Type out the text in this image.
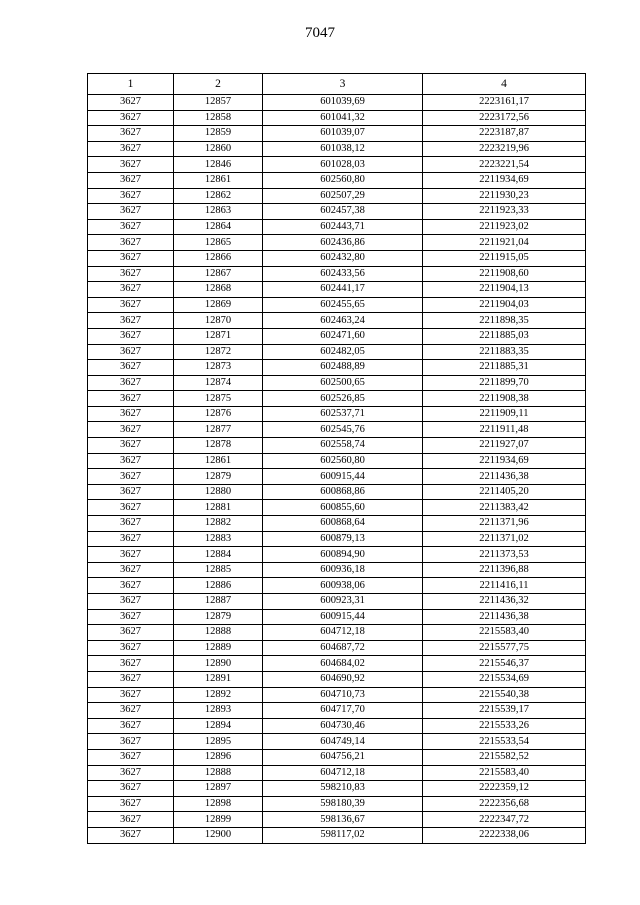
7047
1	2	3	4
3627	12857	601039,69	2223161,17
3627	12858	601041,32	2223172,56
3627	12859	601039,07	2223187,87
3627	12860	601038,12	2223219,96
3627	12846	601028,03	2223221,54
3627	12861	602560,80	2211934,69
3627	12862	602507,29	2211930,23
3627	12863	602457,38	2211923,33
3627	12864	602443,71	2211923,02
3627	12865	602436,86	2211921,04
3627	12866	602432,80	2211915,05
3627	12867	602433,56	2211908,60
3627	12868	602441,17	2211904,13
3627	12869	602455,65	2211904,03
3627	12870	602463,24	2211898,35
3627	12871	602471,60	2211885,03
3627	12872	602482,05	2211883,35
3627	12873	602488,89	2211885,31
3627	12874	602500,65	2211899,70
3627	12875	602526,85	2211908,38
3627	12876	602537,71	2211909,11
3627	12877	602545,76	2211911,48
3627	12878	602558,74	2211927,07
3627	12861	602560,80	2211934,69
3627	12879	600915,44	2211436,38
3627	12880	600868,86	2211405,20
3627	12881	600855,60	2211383,42
3627	12882	600868,64	2211371,96
3627	12883	600879,13	2211371,02
3627	12884	600894,90	2211373,53
3627	12885	600936,18	2211396,88
3627	12886	600938,06	2211416,11
3627	12887	600923,31	2211436,32
3627	12879	600915,44	2211436,38
3627	12888	604712,18	2215583,40
3627	12889	604687,72	2215577,75
3627	12890	604684,02	2215546,37
3627	12891	604690,92	2215534,69
3627	12892	604710,73	2215540,38
3627	12893	604717,70	2215539,17
3627	12894	604730,46	2215533,26
3627	12895	604749,14	2215533,54
3627	12896	604756,21	2215582,52
3627	12888	604712,18	2215583,40
3627	12897	598210,83	2222359,12
3627	12898	598180,39	2222356,68
3627	12899	598136,67	2222347,72
3627	12900	598117,02	2222338,06
